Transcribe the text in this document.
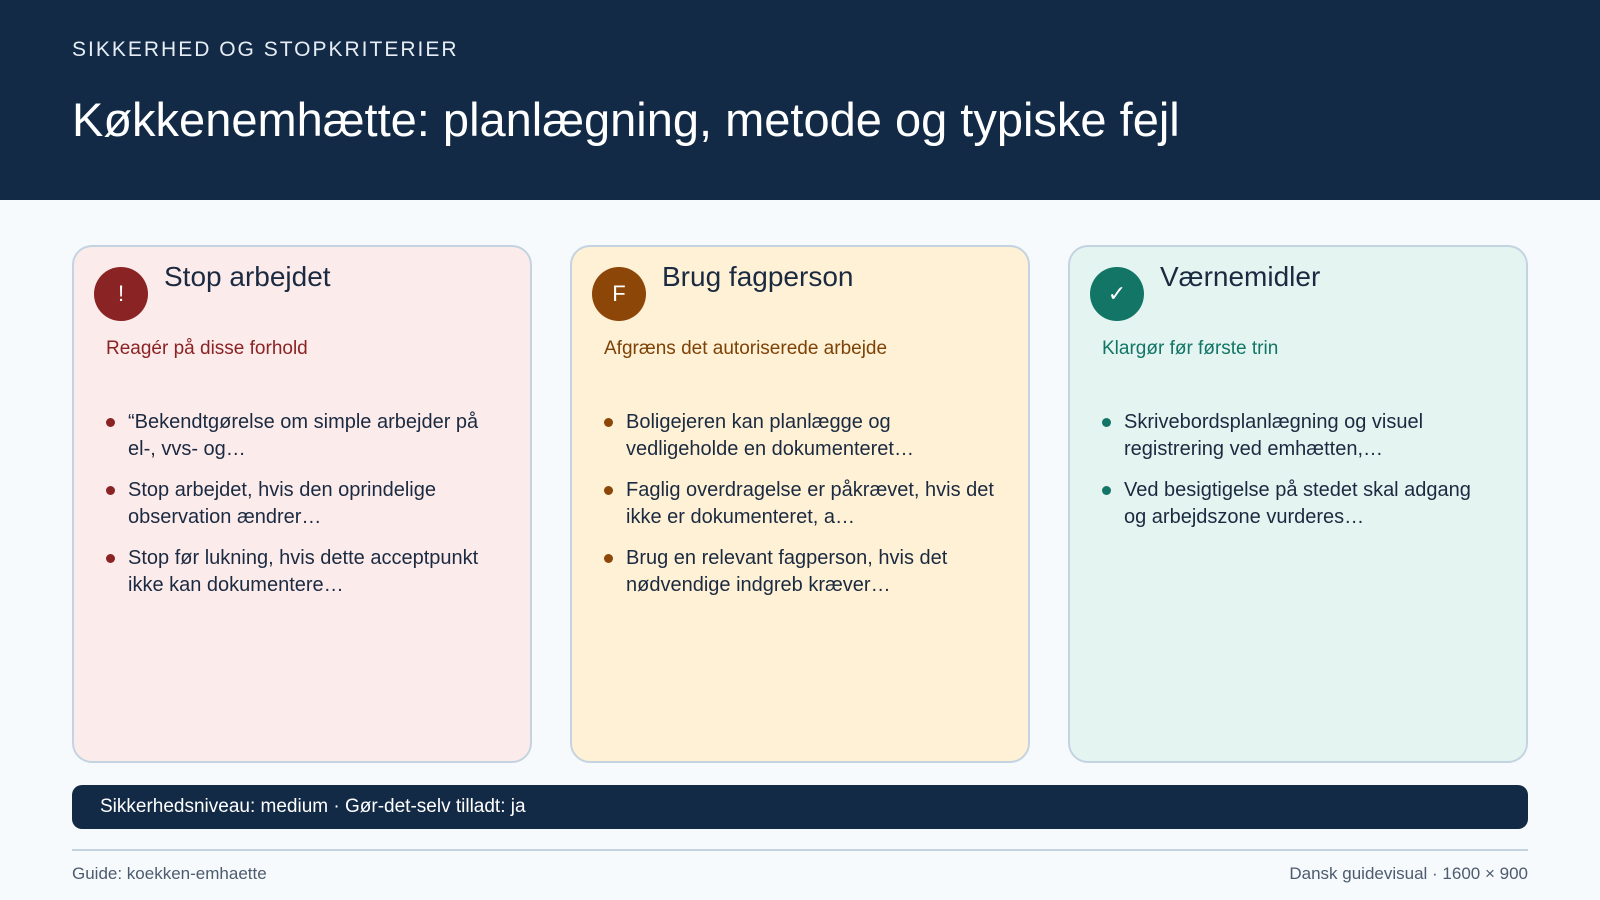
SIKKERHED OG STOPKRITERIER
Køkkenemhætte: planlægning, metode og typiske fejl
!
Stop arbejdet
Reagér på disse forhold
“Bekendtgørelse om simple arbejder på el-, vvs- og…
Stop arbejdet, hvis den oprindelige observation ændrer…
Stop før lukning, hvis dette acceptpunkt ikke kan dokumentere…
F
Brug fagperson
Afgræns det autoriserede arbejde
Boligejeren kan planlægge og vedligeholde en dokumenteret…
Faglig overdragelse er påkrævet, hvis det ikke er dokumenteret, a…
Brug en relevant fagperson, hvis det nødvendige indgreb kræver…
✓
Værnemidler
Klargør før første trin
Skrivebordsplanlægning og visuel registrering ved emhætten,…
Ved besigtigelse på stedet skal adgang og arbejdszone vurderes…
Sikkerhedsniveau: medium · Gør-det-selv tilladt: ja
Guide: koekken-emhaette	Dansk guidevisual · 1600 × 900
